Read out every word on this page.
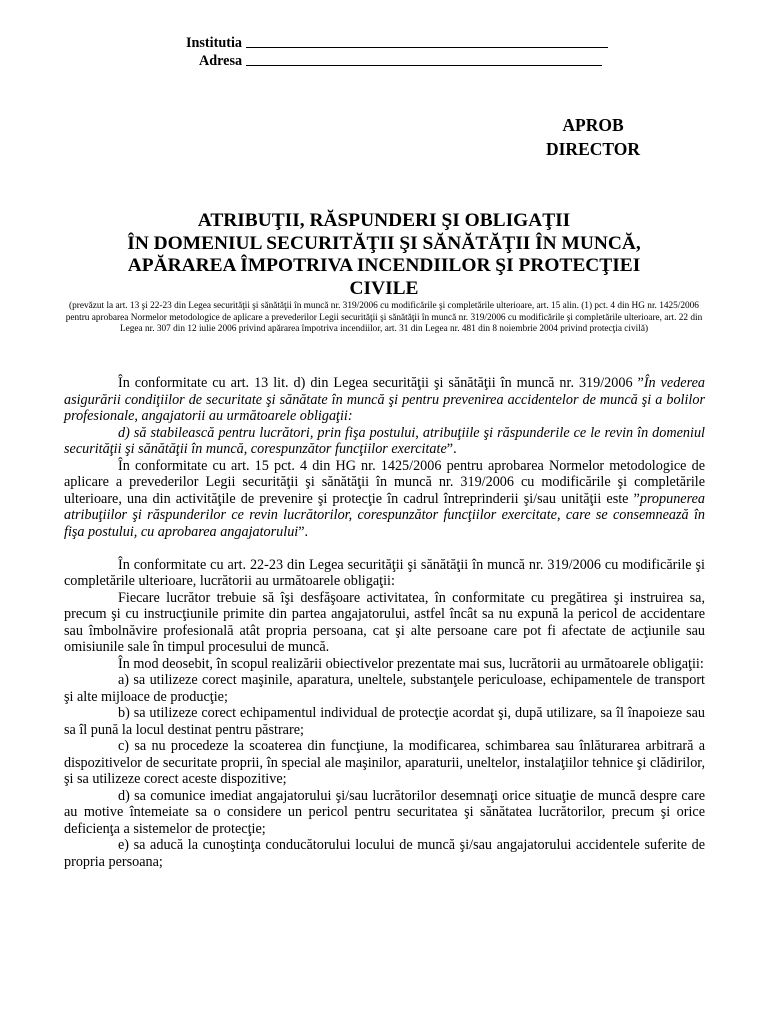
Institutia
Adresa
APROB
DIRECTOR
ATRIBUŢII, RĂSPUNDERI ŞI OBLIGAŢII
ÎN DOMENIUL SECURITĂŢII ŞI SĂNĂTĂŢII ÎN MUNCĂ,
APĂRAREA ÎMPOTRIVA INCENDIILOR ŞI PROTECŢIEI
CIVILE
(prevăzut la art. 13 şi 22-23 din Legea securităţii şi sănătăţii în muncă nr. 319/2006 cu modificările şi completările ulterioare, art. 15 alin. (1) pct. 4 din HG nr. 1425/2006 pentru aprobarea Normelor metodologice de aplicare a prevederilor Legii securităţii şi sănătăţii în muncă nr. 319/2006 cu modificările şi completările ulterioare, art. 22 din Legea nr. 307 din 12 iulie 2006 privind apărarea împotriva incendiilor, art. 31 din Legea nr. 481 din 8 noiembrie 2004 privind protecţia civilă)

În conformitate cu art. 13 lit. d) din Legea securităţii şi sănătăţii în muncă nr. 319/2006 ”În vederea asigurării condiţiilor de securitate şi sănătate în muncă şi pentru prevenirea accidentelor de muncă şi a bolilor profesionale, angajatorii au următoarele obligaţii:

d) să stabilească pentru lucrători, prin fişa postului, atribuţiile şi răspunderile ce le revin în domeniul securităţii şi sănătăţii în muncă, corespunzător funcţiilor exercitate”.

În conformitate cu art. 15 pct. 4 din HG nr. 1425/2006 pentru aprobarea Normelor metodologice de aplicare a prevederilor Legii securităţii şi sănătăţii în muncă nr. 319/2006 cu modificările şi completările ulterioare, una din activităţile de prevenire şi protecţie în cadrul întreprinderii şi/sau unităţii este ”propunerea atribuţiilor şi răspunderilor ce revin lucrătorilor, corespunzător funcţiilor exercitate, care se consemnează în fişa postului, cu aprobarea angajatorului”.

În conformitate cu art. 22-23 din Legea securităţii şi sănătăţii în muncă nr. 319/2006 cu modificările şi completările ulterioare, lucrătorii au următoarele obligaţii:

Fiecare lucrător trebuie să îşi desfăşoare activitatea, în conformitate cu pregătirea şi instruirea sa, precum şi cu instrucţiunile primite din partea angajatorului, astfel încât sa nu expună la pericol de accidentare sau îmbolnăvire profesională atât propria persoana, cat şi alte persoane care pot fi afectate de acţiunile sau omisiunile sale în timpul procesului de muncă.

În mod deosebit, în scopul realizării obiectivelor prezentate mai sus, lucrătorii au următoarele obligaţii:

a) sa utilizeze corect maşinile, aparatura, uneltele, substanţele periculoase, echipamentele de transport şi alte mijloace de producţie;

b) sa utilizeze corect echipamentul individual de protecţie acordat şi, după utilizare, sa îl înapoieze sau sa îl pună la locul destinat pentru păstrare;

c) sa nu procedeze la scoaterea din funcţiune, la modificarea, schimbarea sau înlăturarea arbitrară a dispozitivelor de securitate proprii, în special ale maşinilor, aparaturii, uneltelor, instalaţiilor tehnice şi clădirilor, şi sa utilizeze corect aceste dispozitive;

d) sa comunice imediat angajatorului şi/sau lucrătorilor desemnaţi orice situaţie de muncă despre care au motive întemeiate sa o considere un pericol pentru securitatea şi sănătatea lucrătorilor, precum şi orice deficienţa a sistemelor de protecţie;

e) sa aducă la cunoştinţa conducătorului locului de muncă şi/sau angajatorului accidentele suferite de propria persoana;
